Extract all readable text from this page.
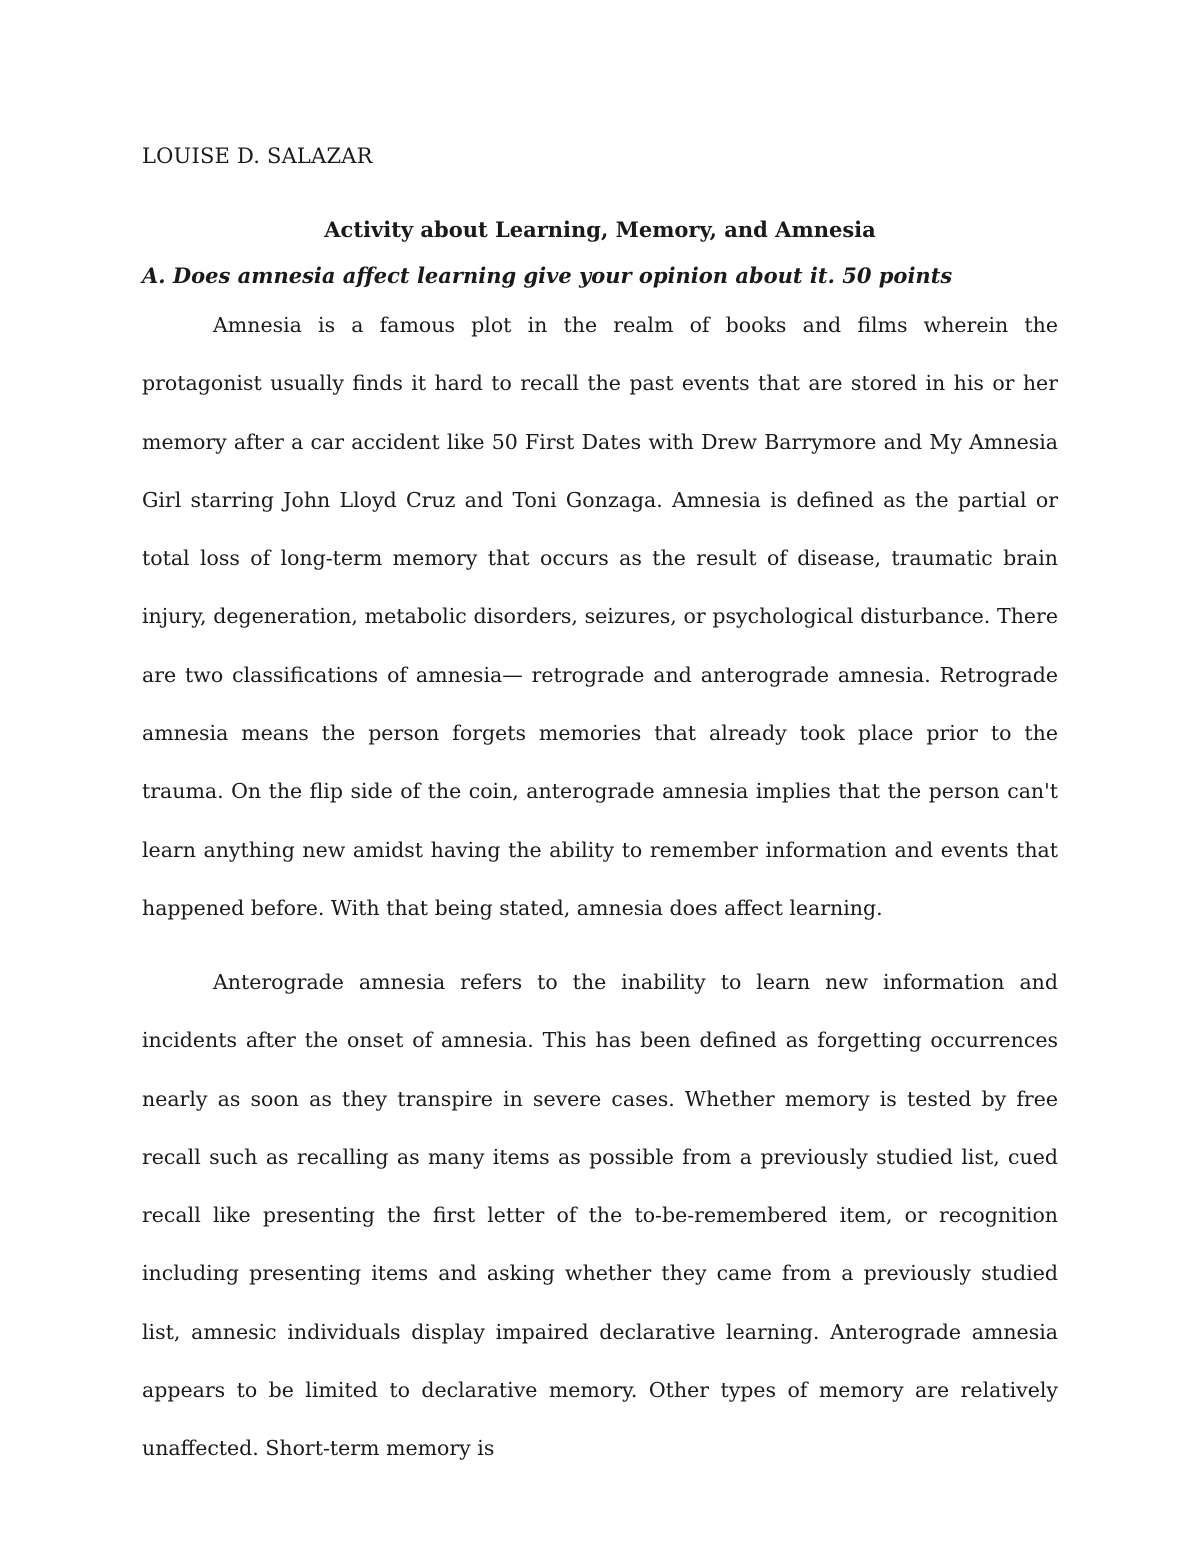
LOUISE D. SALAZAR
Activity about Learning, Memory, and Amnesia
A. Does amnesia affect learning give your opinion about it. 50 points

Amnesia is a famous plot in the realm of books and films wherein the protagonist usually finds it hard to recall the past events that are stored in his or her memory after a car accident like 50 First Dates with Drew Barrymore and My Amnesia Girl starring John Lloyd Cruz and Toni Gonzaga. Amnesia is defined as the partial or total loss of long-term memory that occurs as the result of disease, traumatic brain injury, degeneration, metabolic disorders, seizures, or psychological disturbance. There are two classifications of amnesia— retrograde and anterograde amnesia. Retrograde amnesia means the person forgets memories that already took place prior to the trauma. On the flip side of the coin, anterograde amnesia implies that the person can't learn anything new amidst having the ability to remember information and events that happened before. With that being stated, amnesia does affect learning.

Anterograde amnesia refers to the inability to learn new information and incidents after the onset of amnesia. This has been defined as forgetting occurrences nearly as soon as they transpire in severe cases. Whether memory is tested by free recall such as recalling as many items as possible from a previously studied list, cued recall like presenting the first letter of the to-be-remembered item, or recognition including presenting items and asking whether they came from a previously studied list, amnesic individuals display impaired declarative learning. Anterograde amnesia appears to be limited to declarative memory. Other types of memory are relatively unaffected. Short-term memory is
